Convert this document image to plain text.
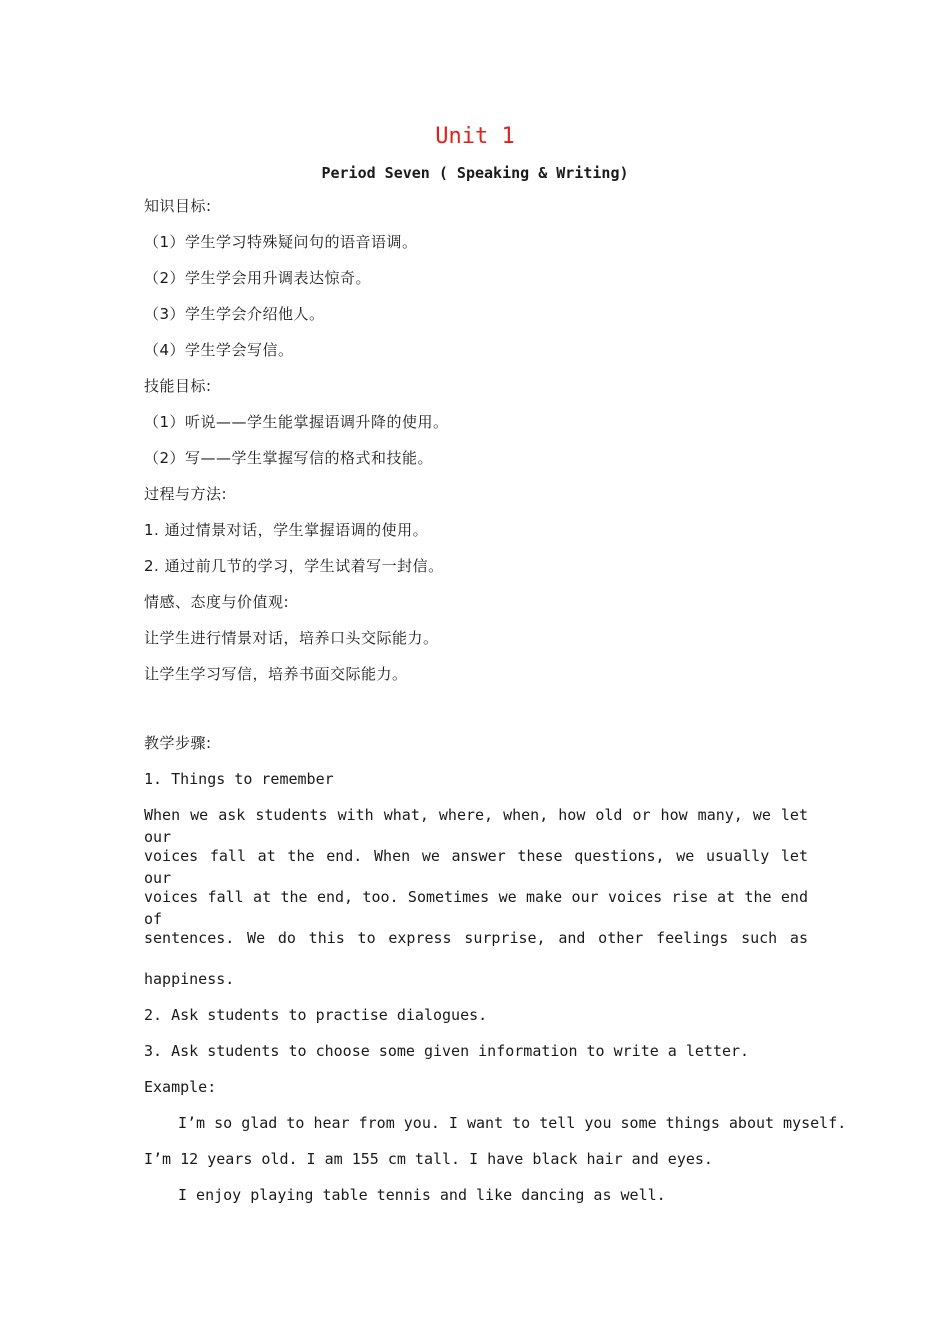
Unit 1
Period Seven ( Speaking & Writing)
知识目标:
（1）学生学习特殊疑问句的语音语调。
（2）学生学会用升调表达惊奇。
（3）学生学会介绍他人。
（4）学生学会写信。
技能目标:
（1）听说——学生能掌握语调升降的使用。
（2）写——学生掌握写信的格式和技能。
过程与方法:
1. 通过情景对话，学生掌握语调的使用。
2. 通过前几节的学习，学生试着写一封信。
情感、态度与价值观:
让学生进行情景对话，培养口头交际能力。
让学生学习写信，培养书面交际能力。
教学步骤:
1. Things to remember
When we ask students with what, where, when, how old or how many, we let our
voices fall at the end. When we answer these questions, we usually let our
voices fall at the end, too. Sometimes we make our voices rise at the end of
sentences. We do this to express surprise, and other feelings such as
happiness.
2. Ask students to practise dialogues.
3. Ask students to choose some given information to write a letter.
Example:
I’m so glad to hear from you. I want to tell you some things about myself.
I’m 12 years old. I am 155 cm tall. I have black hair and eyes.
I enjoy playing table tennis and like dancing as well.
